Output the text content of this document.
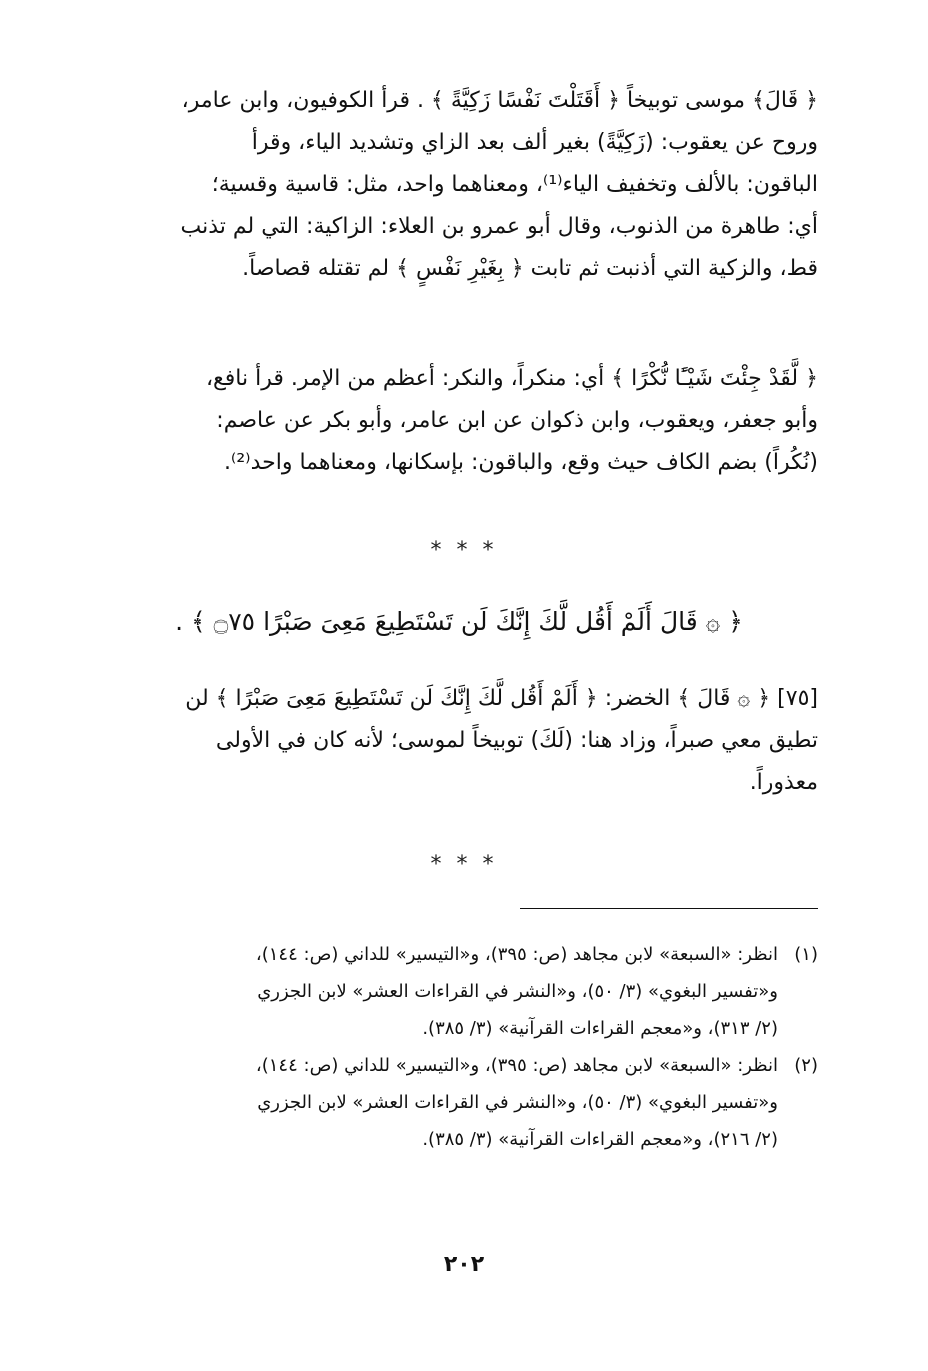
﴿ قَالَ﴾ موسى توبيخاً ﴿ أَقَتَلْتَ نَفْسًا زَكِيَّةً ﴾ . قرأ الكوفيون، وابن عامر،
وروح عن يعقوب: (زَكِيَّةً) بغير ألف بعد الزاي وتشديد الياء، وقرأ
الباقون: بالألف وتخفيف الياء⁽¹⁾، ومعناهما واحد، مثل: قاسية وقسية؛
أي: طاهرة من الذنوب، وقال أبو عمرو بن العلاء: الزاكية: التي لم تذنب
قط، والزكية التي أذنبت ثم تابت ﴿ بِغَيْرِ نَفْسٍ ﴾ لم تقتله قصاصاً.
﴿ لَّقَدْ جِئْتَ شَيْـًٔا نُّكْرًا ﴾ أي: منكراً، والنكر: أعظم من الإمر. قرأ نافع،
وأبو جعفر، ويعقوب، وابن ذكوان عن ابن عامر، وأبو بكر عن عاصم:
(نُكُراً) بضم الكاف حيث وقع، والباقون: بإسكانها، ومعناهما واحد⁽²⁾.
* * *
﴿ ۞ قَالَ أَلَمْ أَقُل لَّكَ إِنَّكَ لَن تَسْتَطِيعَ مَعِىَ صَبْرًا ۝٧٥ ﴾ .
[٧٥] ﴿ ۞ قَالَ ﴾ الخضر: ﴿ أَلَمْ أَقُل لَّكَ إِنَّكَ لَن تَسْتَطِيعَ مَعِىَ صَبْرًا ﴾ لن
تطيق معي صبراً، وزاد هنا: (لَكَ) توبيخاً لموسى؛ لأنه كان في الأولى
معذوراً.
* * *
(١)
انظر: «السبعة» لابن مجاهد (ص: ٣٩٥)، و«التيسير» للداني (ص: ١٤٤)،
و«تفسير البغوي» (٣/ ٥٠)، و«النشر في القراءات العشر» لابن الجزري
(٢/ ٣١٣)، و«معجم القراءات القرآنية» (٣/ ٣٨٥).
(٢)
انظر: «السبعة» لابن مجاهد (ص: ٣٩٥)، و«التيسير» للداني (ص: ١٤٤)،
و«تفسير البغوي» (٣/ ٥٠)، و«النشر في القراءات العشر» لابن الجزري
(٢/ ٢١٦)، و«معجم القراءات القرآنية» (٣/ ٣٨٥).
٢٠٢
